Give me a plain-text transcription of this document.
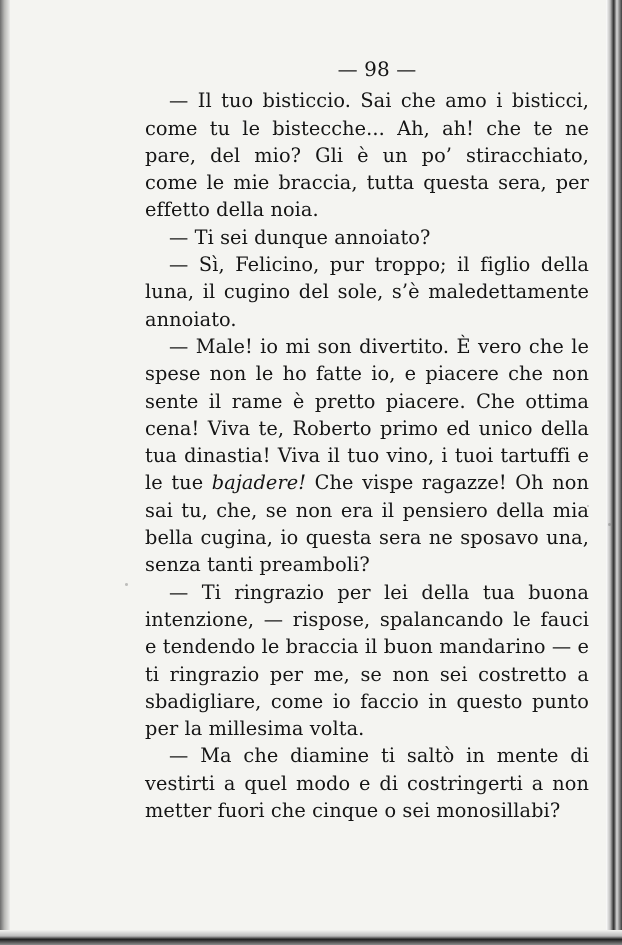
— 98 —

— Il tuo bisticcio. Sai che amo i bisticci, come tu le bistecche... Ah, ah! che te ne pare, del mio? Gli è un po’ stiracchiato, come le mie braccia, tutta questa sera, per effetto della noia.

— Ti sei dunque annoiato?

— Sì, Felicino, pur troppo; il figlio della luna, il cugino del sole, s’è maledettamente annoiato.

— Male! io mi son divertito. È vero che le spese non le ho fatte io, e piacere che non sente il rame è pretto piacere. Che ottima cena! Viva te, Roberto primo ed unico della tua dinastia! Viva il tuo vino, i tuoi tartuffi e le tue bajadere! Che vispe ragazze! Oh non sai tu, che, se non era il pensiero della mia bella cugina, io questa sera ne sposavo una, senza tanti preamboli?

— Ti ringrazio per lei della tua buona intenzione, — rispose, spalancando le fauci e tendendo le braccia il buon mandarino — e ti ringrazio per me, se non sei costretto a sbadigliare, come io faccio in questo punto per la millesima volta.

— Ma che diamine ti saltò in mente di vestirti a quel modo e di costringerti a non metter fuori che cinque o sei monosillabi?
